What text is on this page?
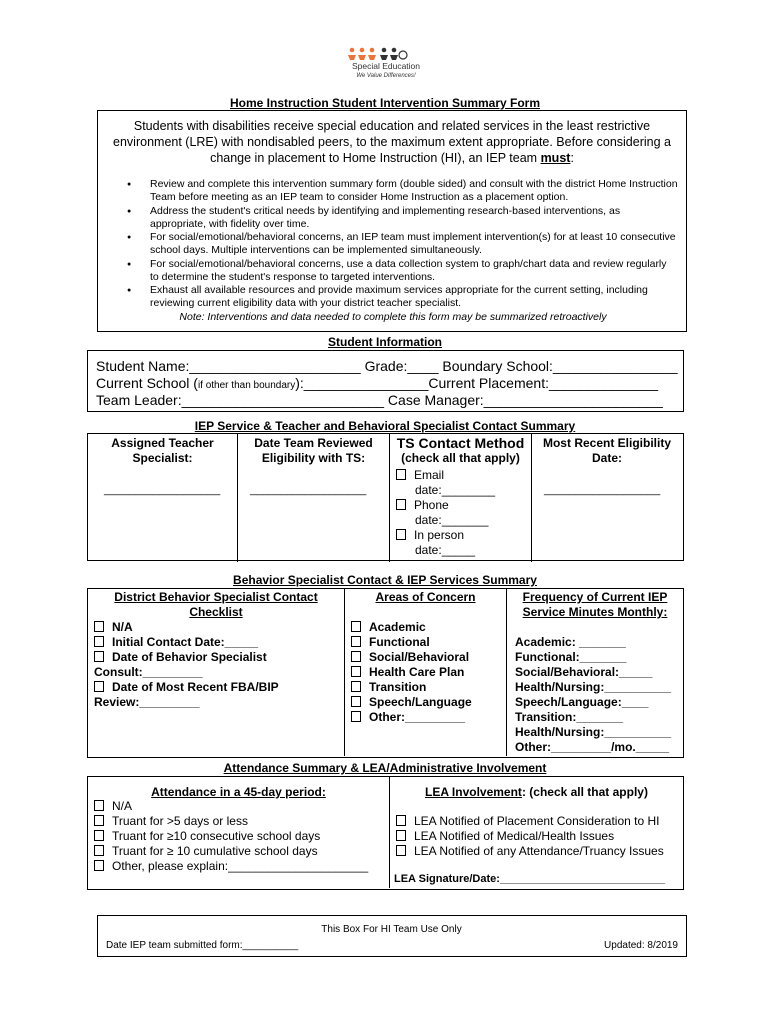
Special Education
We Value Differences!
Home Instruction Student Intervention Summary Form
Students with disabilities receive special education and related services in the least restrictive environment (LRE) with nondisabled peers, to the maximum extent appropriate. Before considering a change in placement to Home Instruction (HI), an IEP team must:
● Review and complete this intervention summary form (double sided) and consult with the district Home Instruction Team before meeting as an IEP team to consider Home Instruction as a placement option.
● Address the student's critical needs by identifying and implementing research-based interventions, as appropriate, with fidelity over time.
● For social/emotional/behavioral concerns, an IEP team must implement intervention(s) for at least 10 consecutive school days. Multiple interventions can be implemented simultaneously.
● For social/emotional/behavioral concerns, use a data collection system to graph/chart data and review regularly to determine the student's response to targeted interventions.
● Exhaust all available resources and provide maximum services appropriate for the current setting, including reviewing current eligibility data with your district teacher specialist.
Note: Interventions and data needed to complete this form may be summarized retroactively
Student Information
Student Name:______________________ Grade:____ Boundary School:________________
Current School (if other than boundary):________________Current Placement:______________
Team Leader:__________________________ Case Manager:_______________________
IEP Service & Teacher and Behavioral Specialist Contact Summary
Assigned Teacher Specialist:
___________________
Date Team Reviewed Eligibility with TS:
___________________
TS Contact Method
(check all that apply)
Email
date:________
Phone
date:_______
In person
date:_____
Most Recent Eligibility Date:
___________________
Behavior Specialist Contact & IEP Services Summary
District Behavior Specialist Contact Checklist
N/A
Initial Contact Date:_____
Date of Behavior Specialist Consult:_________
Date of Most Recent FBA/BIP Review:_________
Areas of Concern
Academic
Functional
Social/Behavioral
Health Care Plan
Transition
Speech/Language
Other:_________
Frequency of Current IEP Service Minutes Monthly:
Academic: _______
Functional:_______
Social/Behavioral:_____
Health/Nursing:__________
Speech/Language:____
Transition:_______
Health/Nursing:__________
Other:_________/mo._____
Attendance Summary & LEA/Administrative Involvement
Attendance in a 45-day period:
N/A
Truant for >5 days or less
Truant for ≥10 consecutive school days
Truant for ≥ 10 cumulative school days
Other, please explain:_____________________
LEA Involvement: (check all that apply)
LEA Notified of Placement Consideration to HI
LEA Notified of Medical/Health Issues
LEA Notified of any Attendance/Truancy Issues
LEA Signature/Date:___________________________
This Box For HI Team Use Only
Date IEP team submitted form:__________	Updated: 8/2019
